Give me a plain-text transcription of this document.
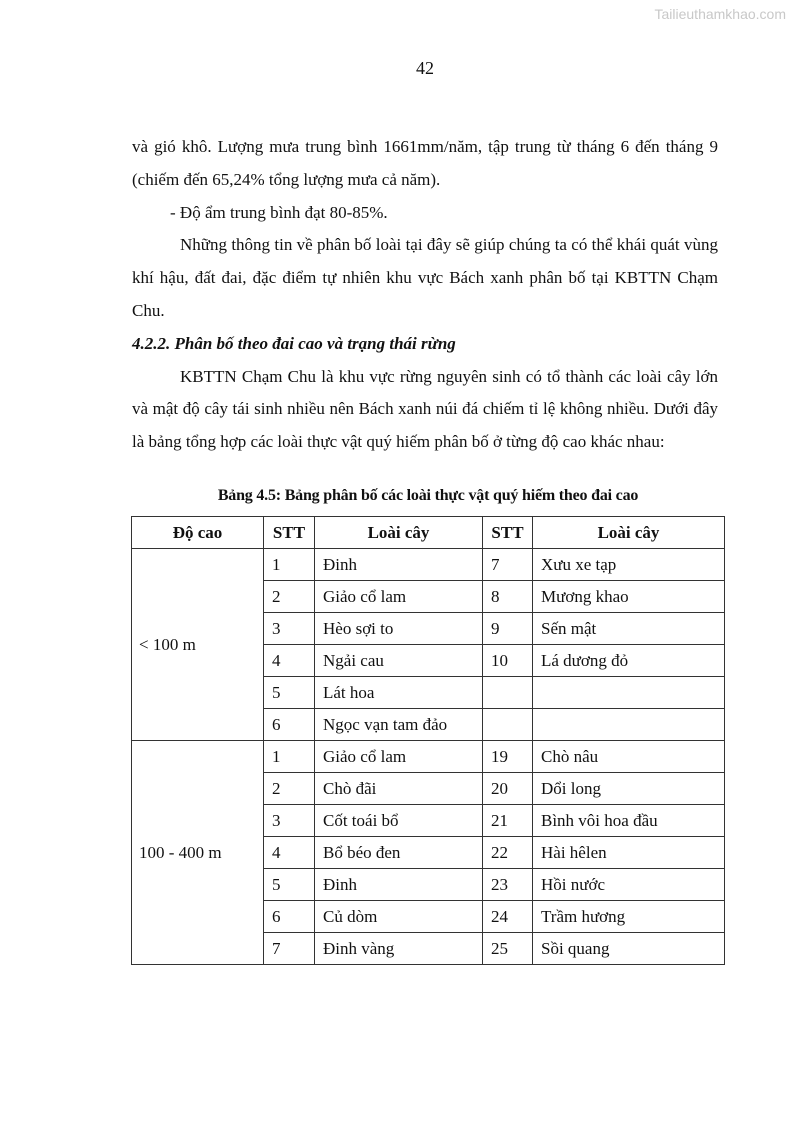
Tailieuthamkhao.com
42

và gió khô. Lượng mưa trung bình 1661mm/năm, tập trung từ tháng 6 đến tháng 9 (chiếm đến 65,24% tổng lượng mưa cả năm).

- Độ ẩm trung bình đạt 80-85%.

Những thông tin về phân bố loài tại đây sẽ giúp chúng ta có thể khái quát vùng khí hậu, đất đai, đặc điểm tự nhiên khu vực Bách xanh phân bố tại KBTTN Chạm Chu.

4.2.2. Phân bố theo đai cao và trạng thái rừng

KBTTN Chạm Chu là khu vực rừng nguyên sinh có tổ thành các loài cây lớn và mật độ cây tái sinh nhiều nên Bách xanh núi đá chiếm tỉ lệ không nhiều. Dưới đây là bảng tổng hợp các loài thực vật quý hiếm phân bố ở từng độ cao khác nhau:

Bảng 4.5: Bảng phân bố các loài thực vật quý hiếm theo đai cao
Độ cao	STT	Loài cây	STT	Loài cây
< 100 m	1	Đinh	7	Xưu xe tạp
	2	Giảo cổ lam	8	Mương khao
	3	Hèo sợi to	9	Sến mật
	4	Ngải cau	10	Lá dương đỏ
	5	Lát hoa		
	6	Ngọc vạn tam đảo		
100 - 400 m	1	Giảo cổ lam	19	Chò nâu
	2	Chò đãi	20	Dổi long
	3	Cốt toái bổ	21	Bình vôi hoa đầu
	4	Bổ béo đen	22	Hài hêlen
	5	Đinh	23	Hồi nước
	6	Củ dòm	24	Trầm hương
	7	Đinh vàng	25	Sồi quang
